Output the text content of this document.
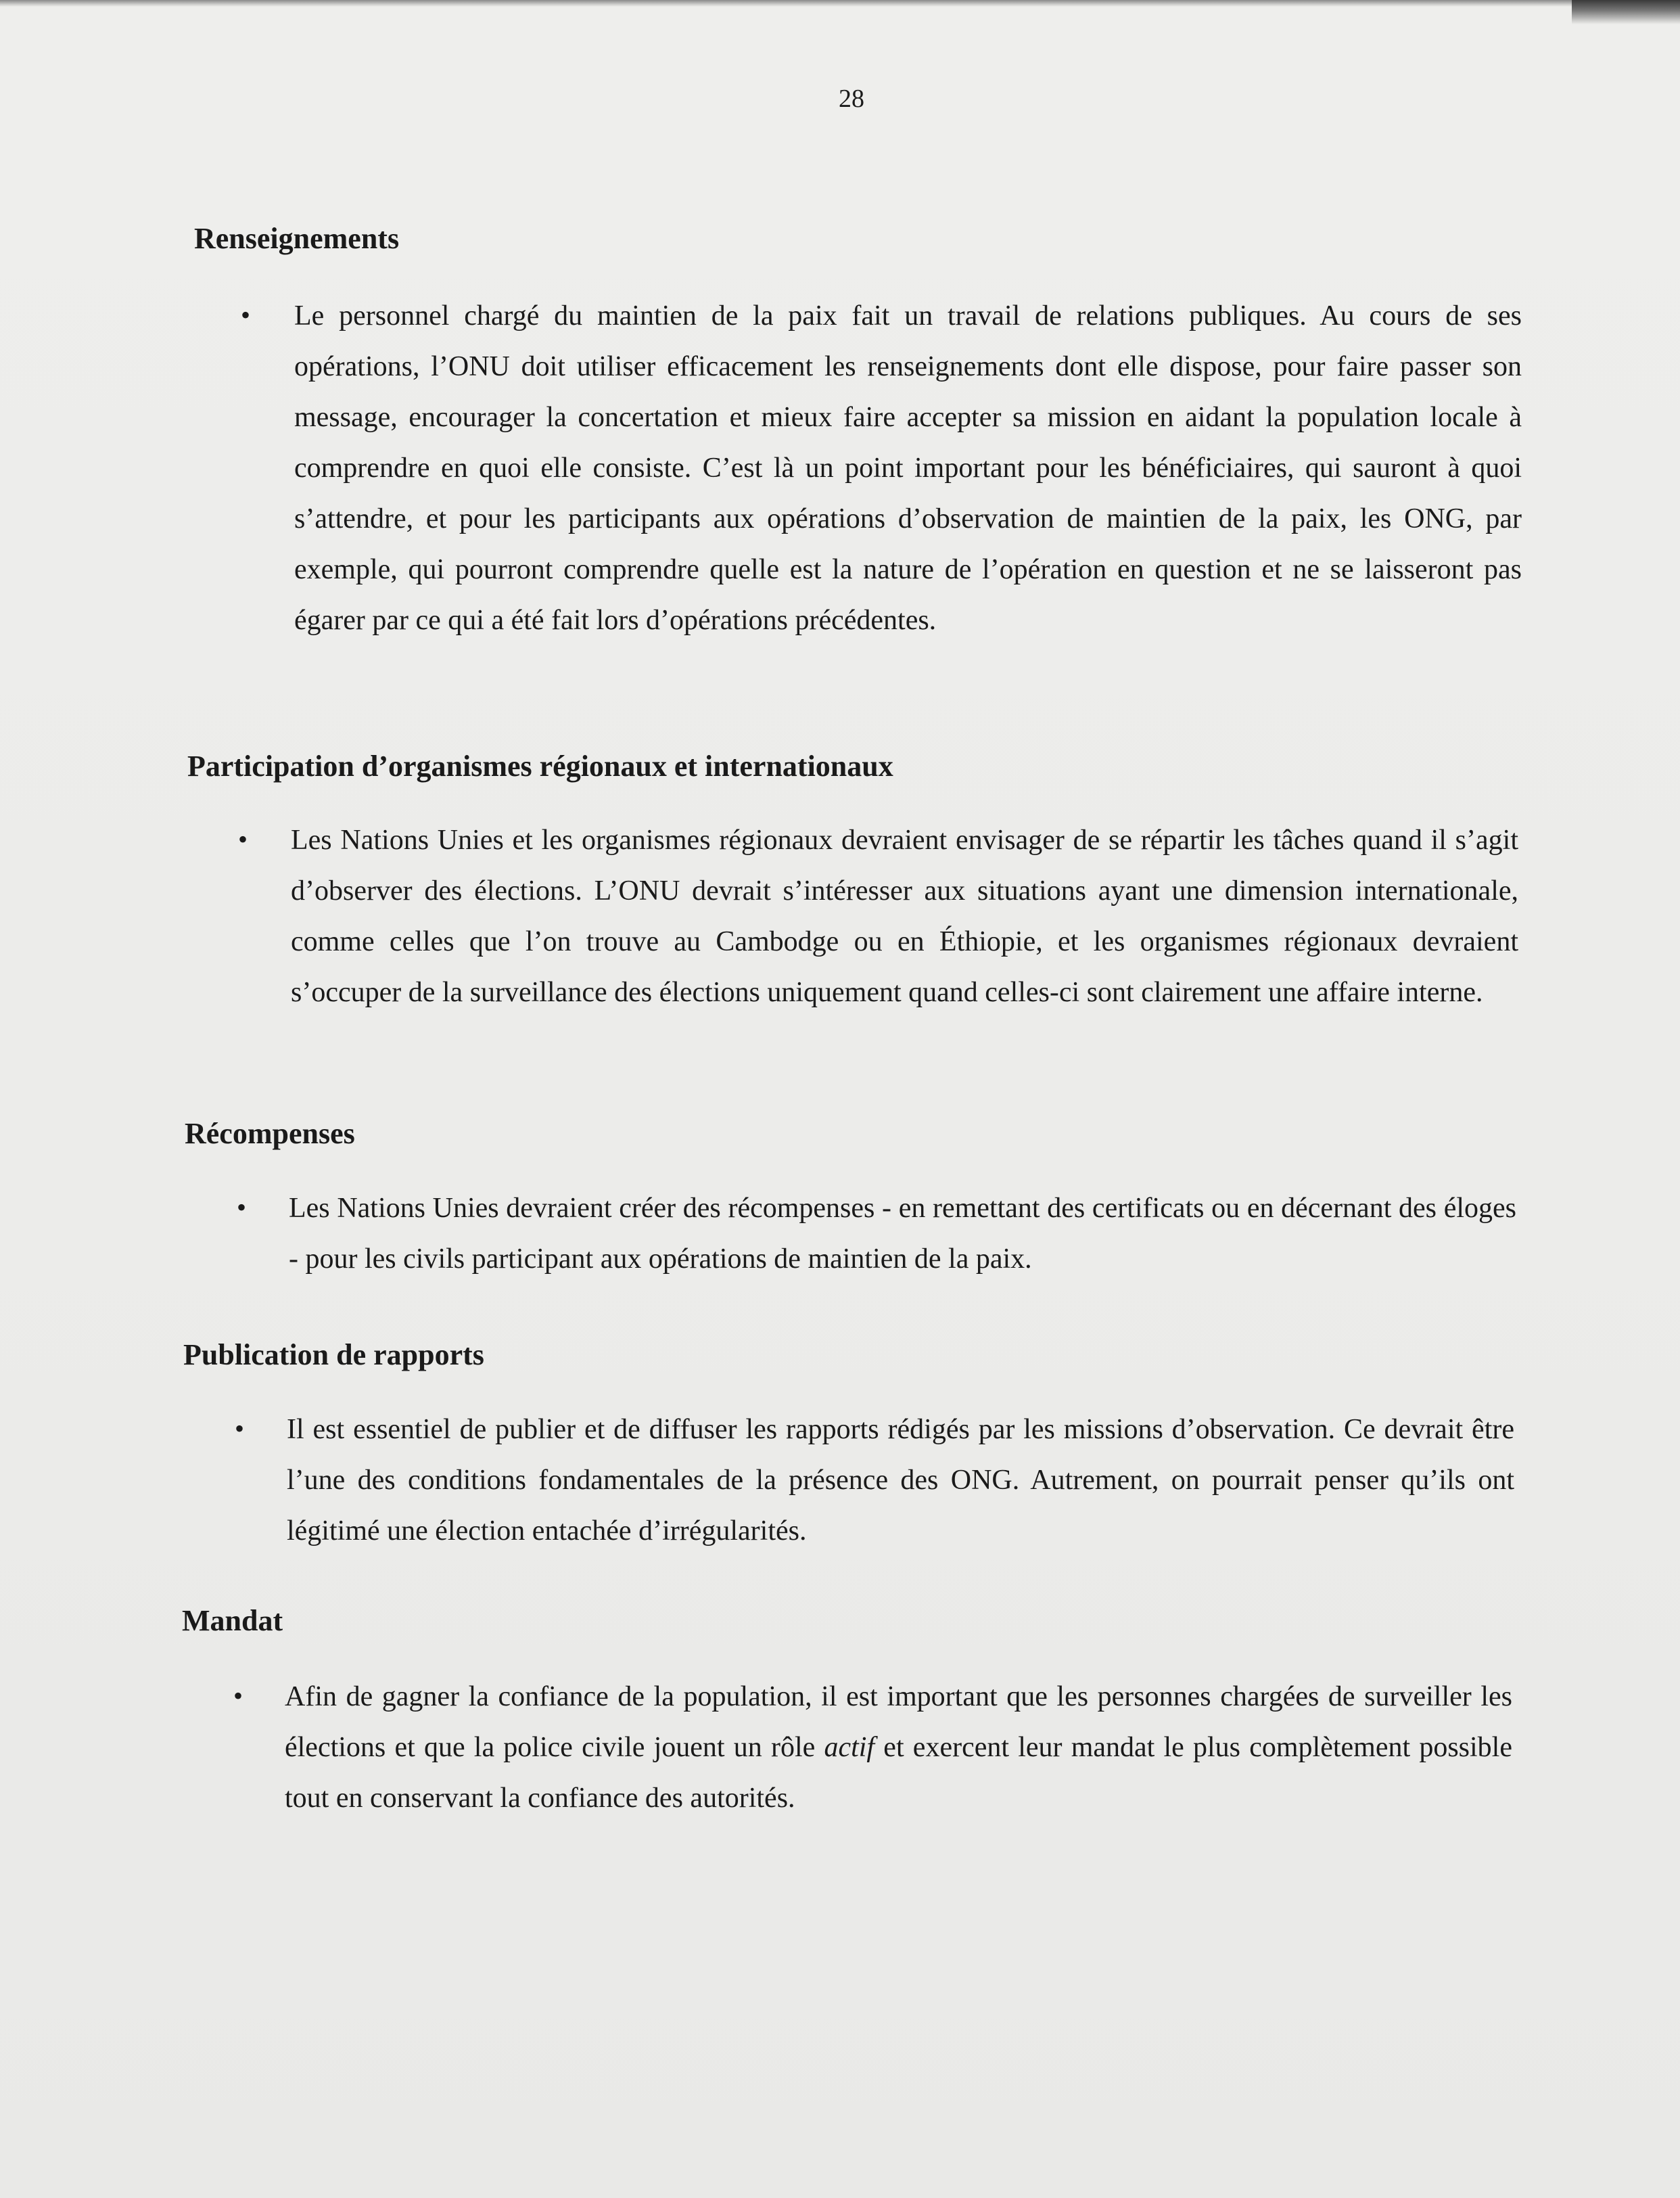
28
Renseignements
• Le personnel chargé du maintien de la paix fait un travail de relations publiques. Au cours de ses opérations, l’ONU doit utiliser efficacement les renseignements dont elle dispose, pour faire passer son message, encourager la concertation et mieux faire accepter sa mission en aidant la population locale à comprendre en quoi elle consiste. C’est là un point important pour les bénéficiaires, qui sauront à quoi s’attendre, et pour les participants aux opérations d’observation de maintien de la paix, les ONG, par exemple, qui pourront comprendre quelle est la nature de l’opération en question et ne se laisseront pas égarer par ce qui a été fait lors d’opérations précédentes.

Participation d’organismes régionaux et internationaux
• Les Nations Unies et les organismes régionaux devraient envisager de se répartir les tâches quand il s’agit d’observer des élections. L’ONU devrait s’intéresser aux situations ayant une dimension internationale, comme celles que l’on trouve au Cambodge ou en Éthiopie, et les organismes régionaux devraient s’occuper de la surveillance des élections uniquement quand celles-ci sont clairement une affaire interne.

Récompenses
• Les Nations Unies devraient créer des récompenses - en remettant des certificats ou en décernant des éloges - pour les civils participant aux opérations de maintien de la paix.

Publication de rapports
• Il est essentiel de publier et de diffuser les rapports rédigés par les missions d’observation. Ce devrait être l’une des conditions fondamentales de la présence des ONG. Autrement, on pourrait penser qu’ils ont légitimé une élection entachée d’irrégularités.

Mandat
• Afin de gagner la confiance de la population, il est important que les personnes chargées de surveiller les élections et que la police civile jouent un rôle actif et exercent leur mandat le plus complètement possible tout en conservant la confiance des autorités.
